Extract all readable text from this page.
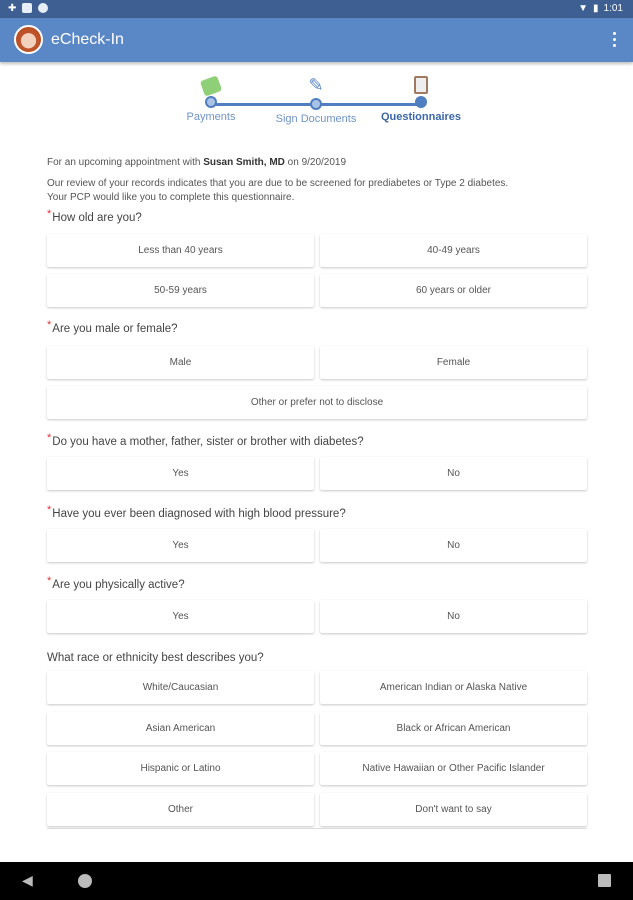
✚	▼ ▮ 1:01
eCheck-In
Payments
✎
Sign Documents	Questionnaires
For an upcoming appointment with Susan Smith, MD on 9/20/2019
Our review of your records indicates that you are due to be screened for prediabetes or Type 2 diabetes.
Your PCP would like you to complete this questionnaire.
*How old are you?
Less than 40 years	40-49 years
50-59 years	60 years or older
*Are you male or female?
Male	Female
Other or prefer not to disclose
*Do you have a mother, father, sister or brother with diabetes?
Yes	No
*Have you ever been diagnosed with high blood pressure?
Yes	No
*Are you physically active?
Yes	No
What race or ethnicity best describes you?
White/Caucasian	American Indian or Alaska Native
Asian American	Black or African American
Hispanic or Latino	Native Hawaiian or Other Pacific Islander
Other	Don't want to say
◀
